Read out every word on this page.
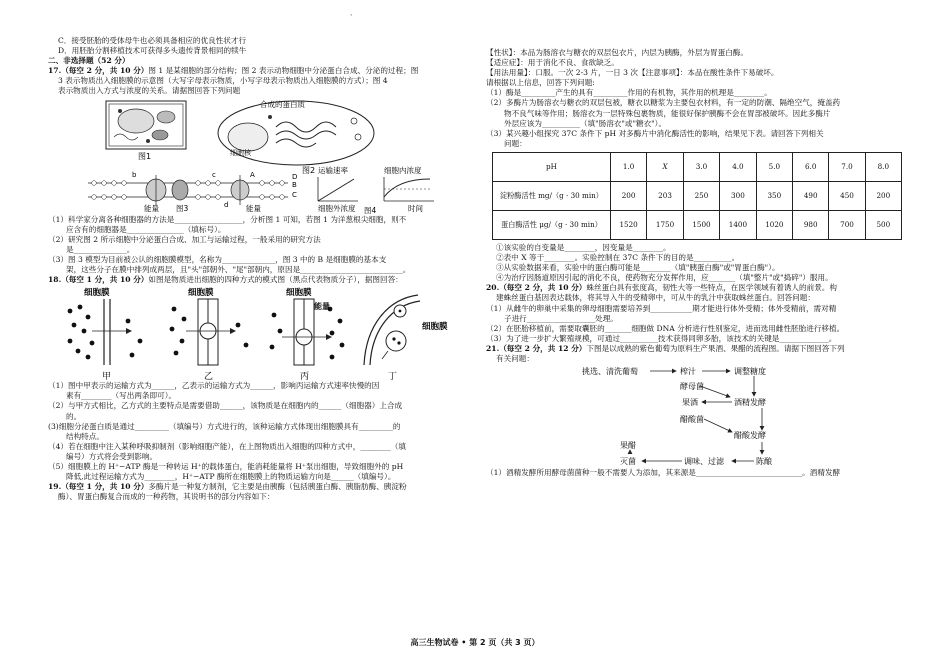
、

C．接受胚胎的受体母牛也必须具备相应的优良性状才行

D．用胚胎分割移植技术可获得多头遗传背景相同的犊牛

二、非选择题（52 分）

17.（每空 2 分，共 10 分）图 1 是某细胞的部分结构；图 2 表示动物细胞中分泌蛋白合成、分泌的过程；图

3 表示物质出入细胞膜的示意图（大写字母表示物质，小写字母表示物质出入细胞膜的方式）；图 4

表示物质出入方式与浓度的关系。请据图回答下列问题

图1
合成的蛋白质
细胞核
图2
A
B
C
D
b	c
d
能量	能量
图3
运输速率
细胞外浓度
细胞内浓度
时间
图4

（1）科学家分离各种细胞器的方法是__________________，分析图 1 可知，若图 1 为洋葱根尖细胞，则不

应含有的细胞器是_______________（填标号）。

（2）研究图 2 所示细胞中分泌蛋白合成、加工与运输过程，一般采用的研究方法

是______________。

（3）图 3 模型为目前被公认的细胞膜模型，名称为______________，图 3 中的 B 是细胞膜的基本支

架，这些分子在膜中排列成两层，且"头"部朝外、"尾"部朝内，原因是___________________________。

18.（每空 1 分，共 10 分）如图是物质进出细胞的四种方式的模式图（黑点代表物质分子），据图回答：

细胞膜	细胞膜	细胞膜
细胞膜
能量
甲	乙	丙	丁

（1）图中甲表示的运输方式为______，乙表示的运输方式为______，影响丙运输方式速率快慢的因

素有________（写出两条即可）。

（2）与甲方式相比，乙方式的主要特点是需要借助______，该物质是在细胞内的______（细胞器）上合成

的。

(3)细胞分泌蛋白质是通过_________（填编号）方式进行的，该种运输方式体现出细胞膜具有_________的

结构特点。

（4）若在细胞中注入某种呼吸抑制剂（影响细胞产能），在上图物质出入细胞的四种方式中，________（填

编号）方式将会受到影响。

（5）细胞膜上的 H⁺−ATP 酶是一种转运 H⁺的载体蛋白，能消耗能量将 H⁺泵出细胞，导致细胞外的 pH

降低,此过程运输方式为________，H⁺−ATP 酶所在细胞膜上的物质运输方向是______（填编号）。

19.（每空 1 分，共 10 分）多酶片是一种复方制剂，它主要是由胰酶（包括胰蛋白酶、胰脂肪酶、胰淀粉

酶）、胃蛋白酶复合而成的一种药物，其说明书的部分内容如下：

【性状】：本品为肠溶衣与糖衣的双层包衣片，内层为胰酶，外层为胃蛋白酶。

【适应症】：用于消化不良、食欲缺乏。

【用法用量】：口服。一次 2-3 片，一日 3 次【注意事项】：本品在酸性条件下易破坏。

请根据以上信息，回答下列问题:

（1）酶是_________产生的具有_________作用的有机物，其作用的机理是________。

（2）多酶片为肠溶衣与糖衣的双层包被，糖衣以糖浆为主要包衣材料，有一定的防潮、隔绝空气，掩盖药

物不良气味等作用；肠溶衣为一层特殊包裹物质，能很好保护胰酶不会在胃部被破坏。因此多酶片

外层应该为__________（填"肠溶衣"或"糖衣"）。

（3）某兴趣小组探究 37C 条件下 pH 对多酶片中消化酶活性的影响，结果见下表。请回答下列相关

问题：

pH	1.0	X	3.0	4.0	5.0	6.0	7.0	8.0
淀粉酶活性 mg/（g · 30 min）	200	203	250	300	350	490	450	200
蛋白酶活性 μg/（g · 30 min）	1520	1750	1500	1400	1020	980	700	500

①该实验的自变量是________，因变量是________。

②表中 X 等于________。实验控制在 37C 条件下的目的是__________。

③从实验数据来看，实验中的蛋白酶可能是________（填"胰蛋白酶"或"胃蛋白酶"）。

④为治疗因肠道原因引起的消化不良，使药物充分发挥作用，应_______（填"整片"或"捣碎"）服用。

20.（每空 2 分，共 10 分）蛛丝蛋白具有张度高，韧性大等一些特点，在医学领域有着诱人的前景。构

建蛛丝蛋白基因表达载体，将其导入牛的受精卵中，可从牛的乳汁中获取蛛丝蛋白。回答问题：

（1）从雌牛的卵巢中采集的卵母细胞需要培养到___________期才能进行体外受精；体外受精前，需对精

子进行__________________处理。

（2）在胚胎移植前，需要取囊胚的_______细胞做 DNA 分析进行性别鉴定，进而选用雌性胚胎进行移植。

（3）为了进一步扩大繁殖规模，可通过__________技术获得同卵多胎，该技术的关键是_____________。

21.（每空 2 分，共 12 分）下图是以成熟的紫色葡萄为原料生产果酒、果醋的流程图。请据下图回答下列

有关问题：

挑选、清洗葡萄	榨汁	调整糖度
酵母菌
果酒	酒精发酵
醋酸菌
醋酸发酵
果醋
灭菌	调味、过滤	陈酿

（1）酒精发酵所用酵母菌菌种一般不需要人为添加，其来源是____________________________。酒精发酵

高三生物试卷 • 第 2 页（共 3 页）
